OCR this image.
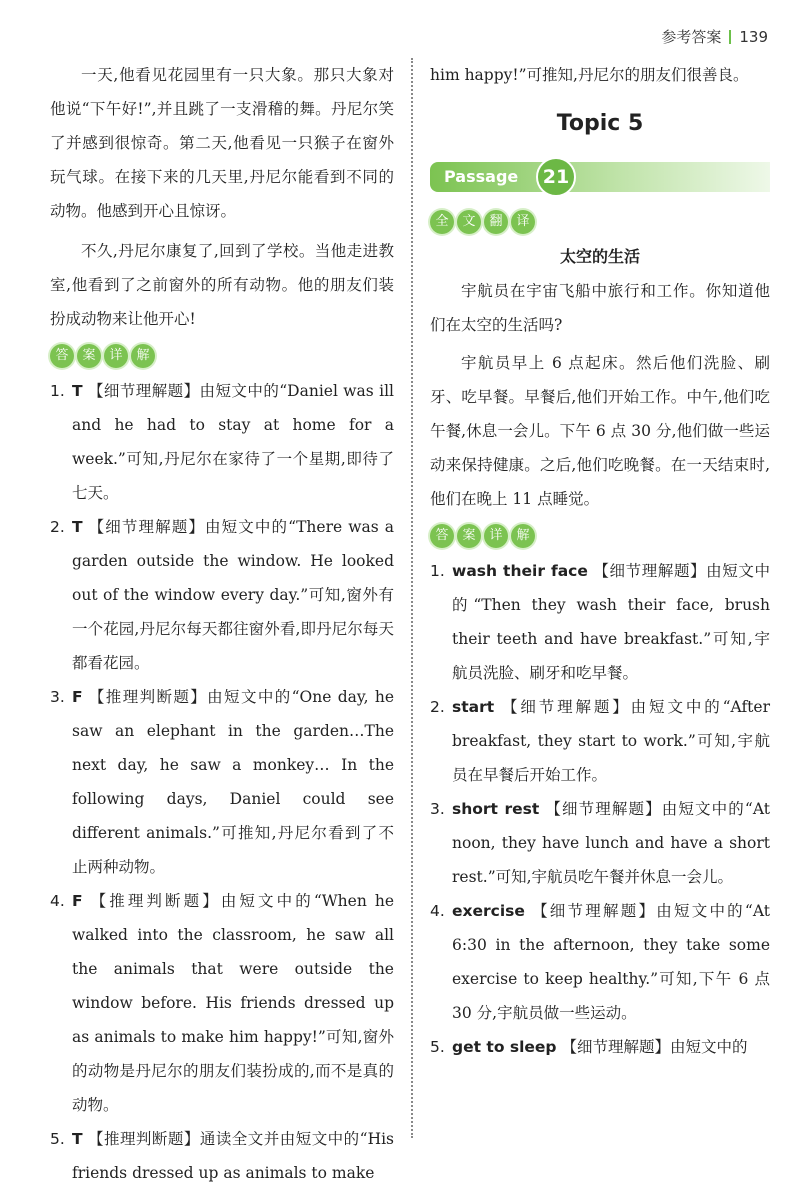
参考答案 139

一天,他看见花园里有一只大象。那只大象对他说“下午好!”,并且跳了一支滑稽的舞。丹尼尔笑了并感到很惊奇。第二天,他看见一只猴子在窗外玩气球。在接下来的几天里,丹尼尔能看到不同的动物。他感到开心且惊讶。

不久,丹尼尔康复了,回到了学校。当他走进教室,他看到了之前窗外的所有动物。他的朋友们装扮成动物来让他开心!

答	案	详	解
1. T 【细节理解题】由短文中的“Daniel was ill and he had to stay at home for a week.”可知,丹尼尔在家待了一个星期,即待了七天。
2. T 【细节理解题】由短文中的“There was a garden outside the window. He looked out of the window every day.”可知,窗外有一个花园,丹尼尔每天都往窗外看,即丹尼尔每天都看花园。
3. F 【推理判断题】由短文中的“One day, he saw an elephant in the garden…The next day, he saw a monkey… In the following days, Daniel could see different animals.”可推知,丹尼尔看到了不止两种动物。
4. F 【推理判断题】由短文中的“When he walked into the classroom, he saw all the animals that were outside the window before. His friends dressed up as animals to make him happy!”可知,窗外的动物是丹尼尔的朋友们装扮成的,而不是真的动物。
5. T 【推理判断题】通读全文并由短文中的“His friends dressed up as animals to make

him happy!”可推知,丹尼尔的朋友们很善良。

Topic 5
Passage	21
全	文	翻	译
太空的生活

宇航员在宇宙飞船中旅行和工作。你知道他们在太空的生活吗?

宇航员早上 6 点起床。然后他们洗脸、刷牙、吃早餐。早餐后,他们开始工作。中午,他们吃午餐,休息一会儿。下午 6 点 30 分,他们做一些运动来保持健康。之后,他们吃晚餐。在一天结束时,他们在晚上 11 点睡觉。

答	案	详	解
1. wash their face 【细节理解题】由短文中的“Then they wash their face, brush their teeth and have breakfast.”可知,宇航员洗脸、刷牙和吃早餐。
2. start 【细节理解题】由短文中的“After breakfast, they start to work.”可知,宇航员在早餐后开始工作。
3. short rest 【细节理解题】由短文中的“At noon, they have lunch and have a short rest.”可知,宇航员吃午餐并休息一会儿。
4. exercise 【细节理解题】由短文中的“At 6:30 in the afternoon, they take some exercise to keep healthy.”可知,下午 6 点 30 分,宇航员做一些运动。
5. get to sleep 【细节理解题】由短文中的
